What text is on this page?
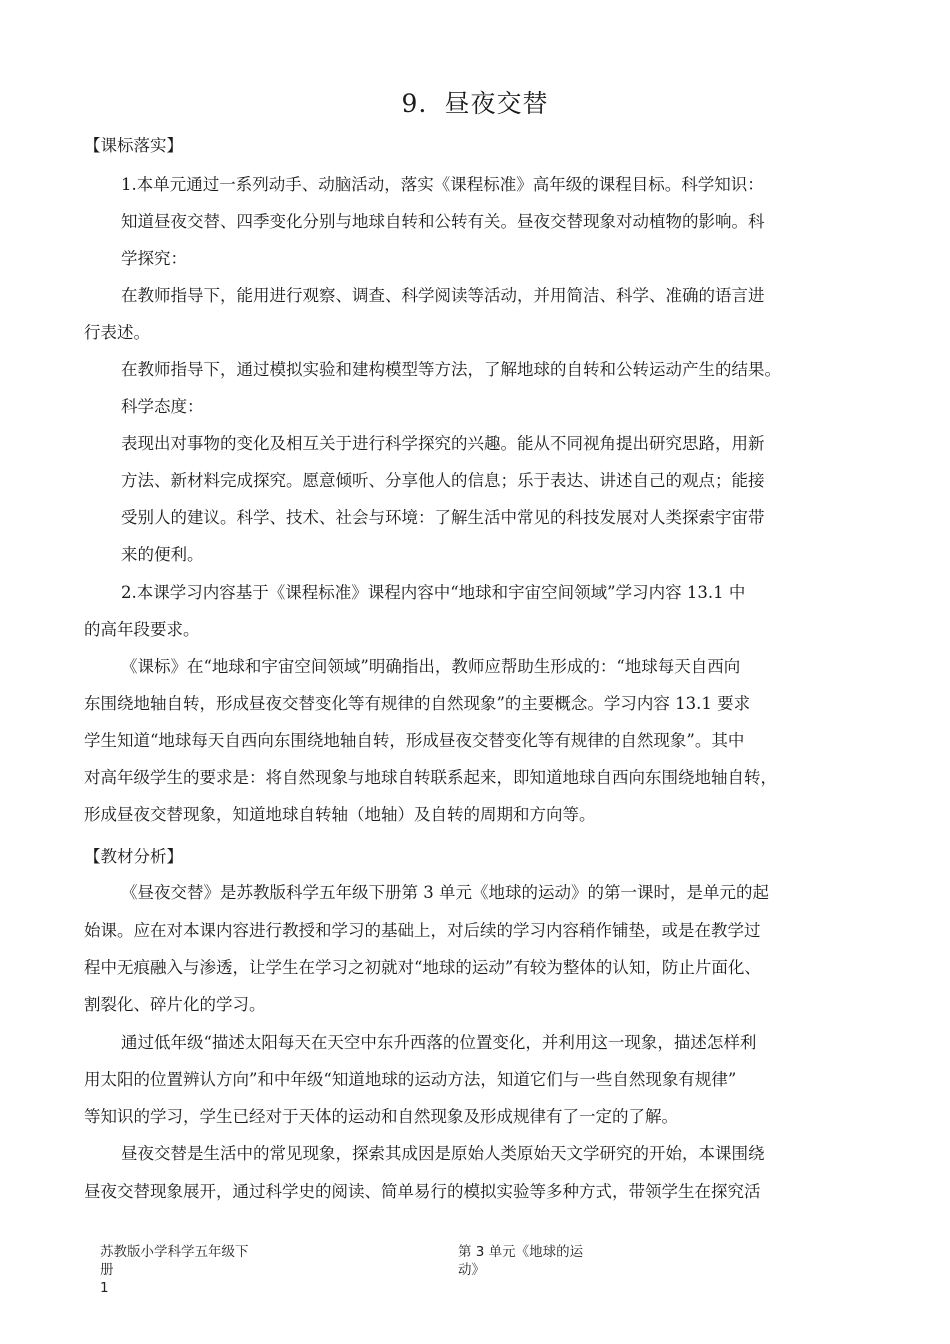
9．昼夜交替
【课标落实】
1.本单元通过一系列动手、动脑活动，落实《课程标准》高年级的课程目标。科学知识：
知道昼夜交替、四季变化分别与地球自转和公转有关。昼夜交替现象对动植物的影响。科
学探究：
在教师指导下，能用进行观察、调查、科学阅读等活动，并用简洁、科学、准确的语言进
行表述。
在教师指导下，通过模拟实验和建构模型等方法，了解地球的自转和公转运动产生的结果。
科学态度：
表现出对事物的变化及相互关于进行科学探究的兴趣。能从不同视角提出研究思路，用新
方法、新材料完成探究。愿意倾听、分享他人的信息；乐于表达、讲述自己的观点；能接
受别人的建议。科学、技术、社会与环境：了解生活中常见的科技发展对人类探索宇宙带
来的便利。
2.本课学习内容基于《课程标准》课程内容中“地球和宇宙空间领域”学习内容 13.1 中
的高年段要求。
《课标》在“地球和宇宙空间领域”明确指出，教师应帮助生形成的：“地球每天自西向
东围绕地轴自转，形成昼夜交替变化等有规律的自然现象”的主要概念。学习内容 13.1 要求
学生知道“地球每天自西向东围绕地轴自转，形成昼夜交替变化等有规律的自然现象”。其中
对高年级学生的要求是：将自然现象与地球自转联系起来，即知道地球自西向东围绕地轴自转，
形成昼夜交替现象，知道地球自转轴（地轴）及自转的周期和方向等。
【教材分析】
《昼夜交替》是苏教版科学五年级下册第 3 单元《地球的运动》的第一课时，是单元的起
始课。应在对本课内容进行教授和学习的基础上，对后续的学习内容稍作铺垫，或是在教学过
程中无痕融入与渗透，让学生在学习之初就对“地球的运动”有较为整体的认知，防止片面化、
割裂化、碎片化的学习。
通过低年级“描述太阳每天在天空中东升西落的位置变化，并利用这一现象，描述怎样利
用太阳的位置辨认方向”和中年级“知道地球的运动方法，知道它们与一些自然现象有规律”
等知识的学习，学生已经对于天体的运动和自然现象及形成规律有了一定的了解。
昼夜交替是生活中的常见现象，探索其成因是原始人类原始天文学研究的开始，本课围绕
昼夜交替现象展开，通过科学史的阅读、简单易行的模拟实验等多种方式，带领学生在探究活
苏教版小学科学五年级下
册
1
第 3 单元《地球的运
动》
